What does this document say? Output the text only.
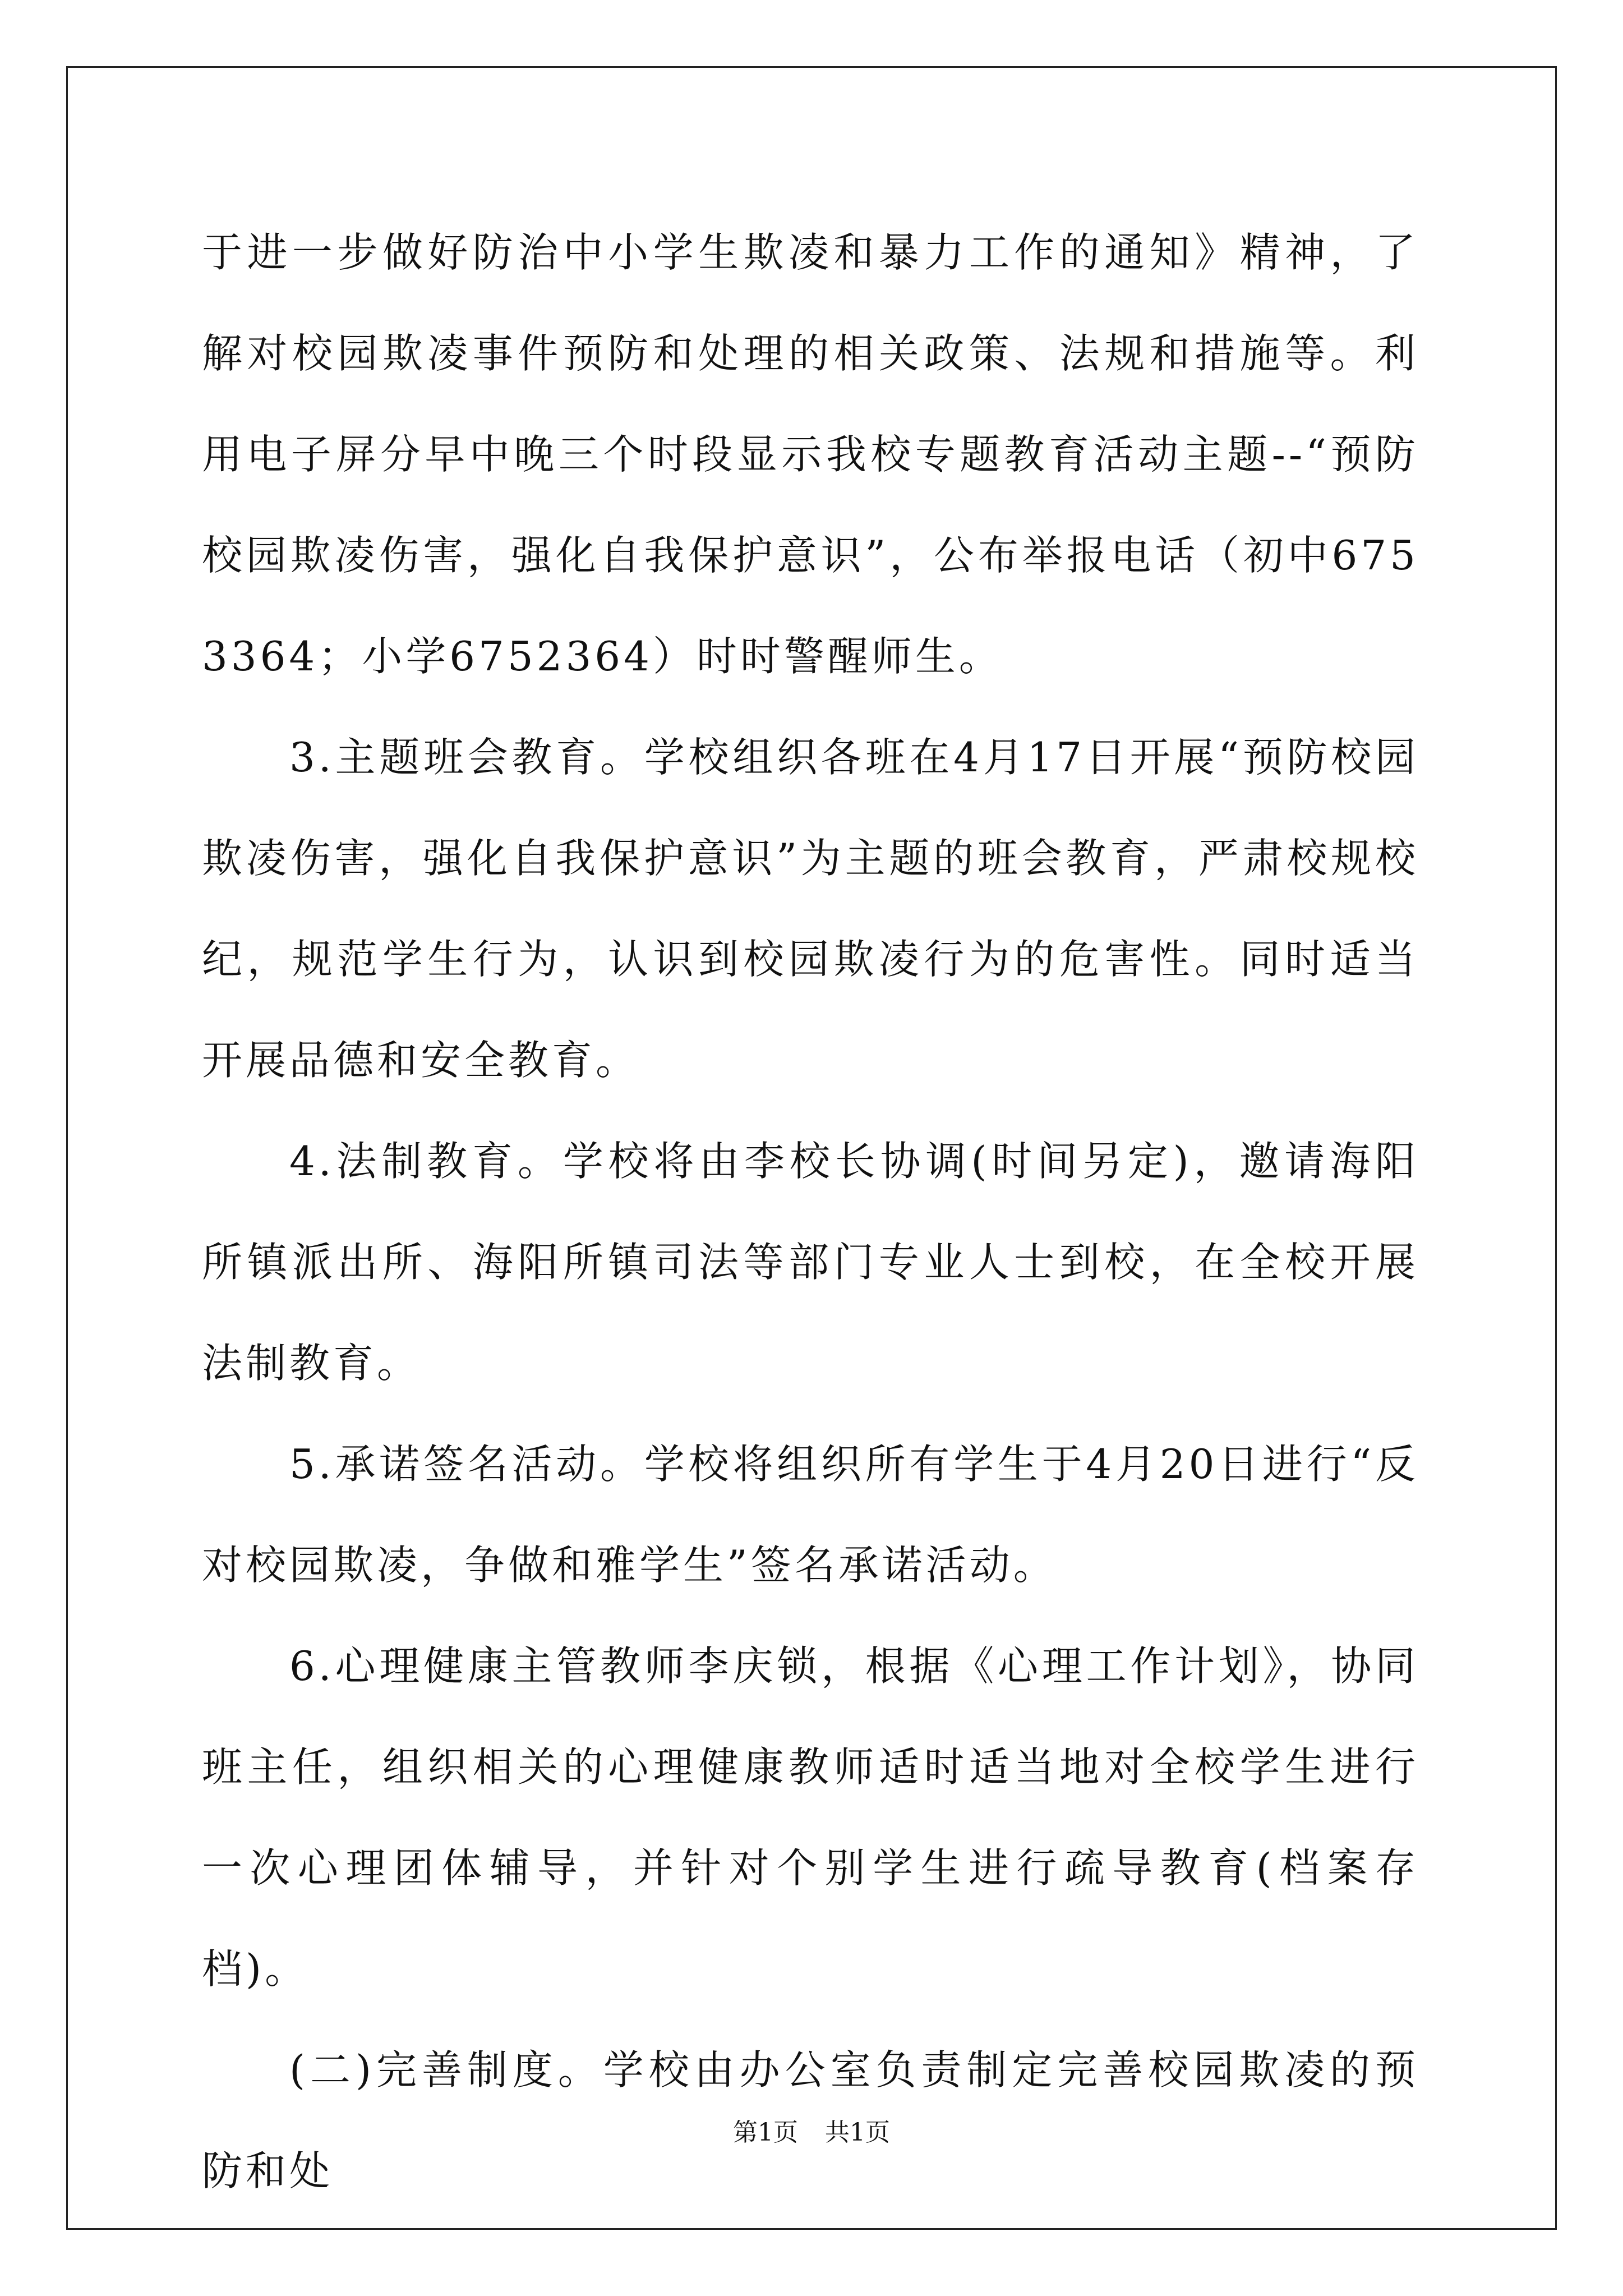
于进一步做好防治中小学生欺凌和暴力工作的通知》精神，了解对校园欺凌事件预防和处理的相关政策、法规和措施等。利用电子屏分早中晚三个时段显示我校专题教育活动主题--“预防校园欺凌伤害，强化自我保护意识”，公布举报电话（初中6753364；小学6752364）时时警醒师生。

3.主题班会教育。学校组织各班在4月17日开展“预防校园欺凌伤害，强化自我保护意识”为主题的班会教育，严肃校规校纪，规范学生行为，认识到校园欺凌行为的危害性。同时适当开展品德和安全教育。

4.法制教育。学校将由李校长协调(时间另定)，邀请海阳所镇派出所、海阳所镇司法等部门专业人士到校，在全校开展法制教育。

5.承诺签名活动。学校将组织所有学生于4月20日进行“反对校园欺凌，争做和雅学生”签名承诺活动。

6.心理健康主管教师李庆锁，根据《心理工作计划》，协同班主任，组织相关的心理健康教师适时适当地对全校学生进行一次心理团体辅导，并针对个别学生进行疏导教育(档案存档)。

(二)完善制度。学校由办公室负责制定完善校园欺凌的预防和处

第1页 共1页
